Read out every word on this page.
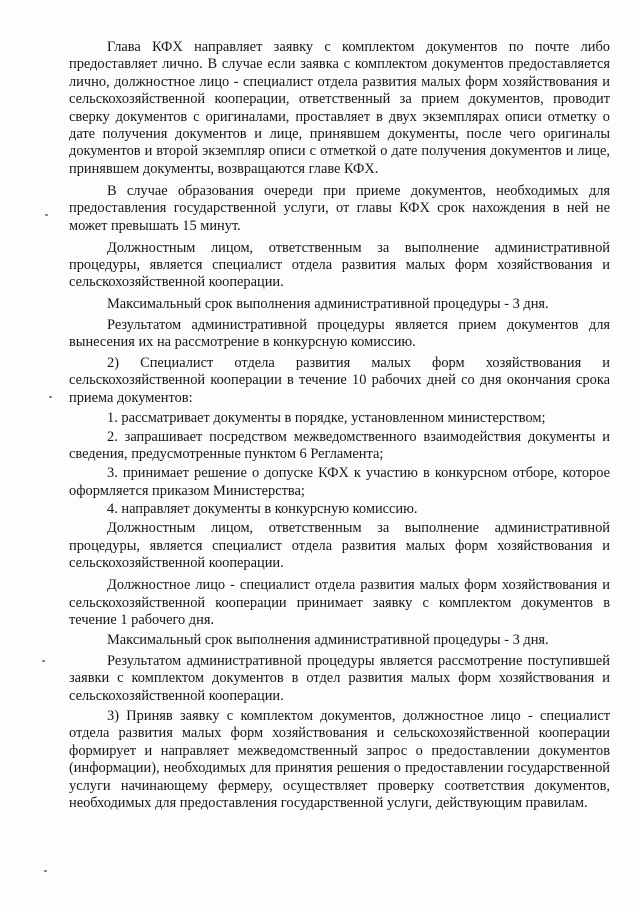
Глава КФХ направляет заявку с комплектом документов по почте либо предоставляет лично. В случае если заявка с комплектом документов предоставляется лично, должностное лицо - специалист отдела развития малых форм хозяйствования и сельскохозяйственной кооперации, ответственный за прием документов, проводит сверку документов с оригиналами, проставляет в двух экземплярах описи отметку о дате получения документов и лице, принявшем документы, после чего оригиналы документов и второй экземпляр описи с отметкой о дате получения документов и лице, принявшем документы, возвращаются главе КФХ.

В случае образования очереди при приеме документов, необходимых для предоставления государственной услуги, от главы КФХ срок нахождения в ней не может превышать 15 минут.

Должностным лицом, ответственным за выполнение административной процедуры, является специалист отдела развития малых форм хозяйствования и сельскохозяйственной кооперации.

Максимальный срок выполнения административной процедуры - 3 дня.

Результатом административной процедуры является прием документов для вынесения их на рассмотрение в конкурсную комиссию.

2) Специалист отдела развития малых форм хозяйствования и сельскохозяйственной кооперации в течение 10 рабочих дней со дня окончания срока приема документов:

1. рассматривает документы в порядке, установленном министерством;

2. запрашивает посредством межведомственного взаимодействия документы и сведения, предусмотренные пунктом 6 Регламента;

3. принимает решение о допуске КФХ к участию в конкурсном отборе, которое оформляется приказом Министерства;

4. направляет документы в конкурсную комиссию.

Должностным лицом, ответственным за выполнение административной процедуры, является специалист отдела развития малых форм хозяйствования и сельскохозяйственной кооперации.

Должностное лицо - специалист отдела развития малых форм хозяйствования и сельскохозяйственной кооперации принимает заявку с комплектом документов в течение 1 рабочего дня.

Максимальный срок выполнения административной процедуры - 3 дня.

Результатом административной процедуры является рассмотрение поступившей заявки с комплектом документов в отдел развития малых форм хозяйствования и сельскохозяйственной кооперации.

3) Приняв заявку с комплектом документов, должностное лицо - специалист отдела развития малых форм хозяйствования и сельскохозяйственной кооперации формирует и направляет межведомственный запрос о предоставлении документов (информации), необходимых для принятия решения о предоставлении государственной услуги начинающему фермеру, осуществляет проверку соответствия документов, необходимых для предоставления государственной услуги, действующим правилам.
